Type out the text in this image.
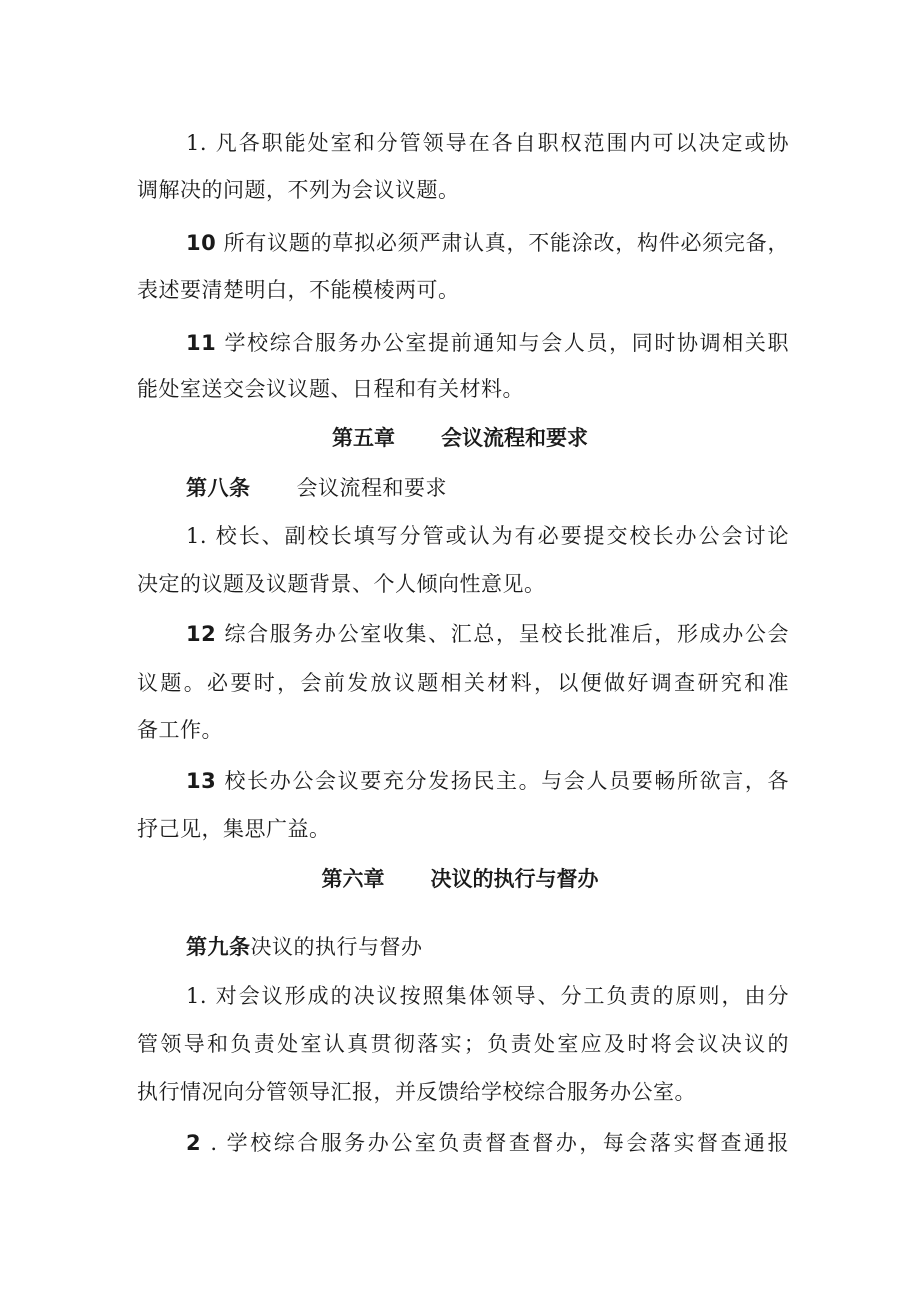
1. 凡各职能处室和分管领导在各自职权范围内可以决定或协

调解决的问题，不列为会议议题。

10 所有议题的草拟必须严肃认真，不能涂改，构件必须完备，

表述要清楚明白，不能模棱两可。

11 学校综合服务办公室提前通知与会人员，同时协调相关职

能处室送交会议议题、日程和有关材料。

第五章 会议流程和要求

第八条 会议流程和要求

1. 校长、副校长填写分管或认为有必要提交校长办公会讨论

决定的议题及议题背景、个人倾向性意见。

12 综合服务办公室收集、汇总，呈校长批准后，形成办公会

议题。必要时，会前发放议题相关材料，以便做好调查研究和准

备工作。

13 校长办公会议要充分发扬民主。与会人员要畅所欲言，各

抒己见，集思广益。

第六章 决议的执行与督办

第九条决议的执行与督办

1. 对会议形成的决议按照集体领导、分工负责的原则，由分

管领导和负责处室认真贯彻落实；负责处室应及时将会议决议的

执行情况向分管领导汇报，并反馈给学校综合服务办公室。

2 . 学校综合服务办公室负责督查督办，每会落实督查通报
